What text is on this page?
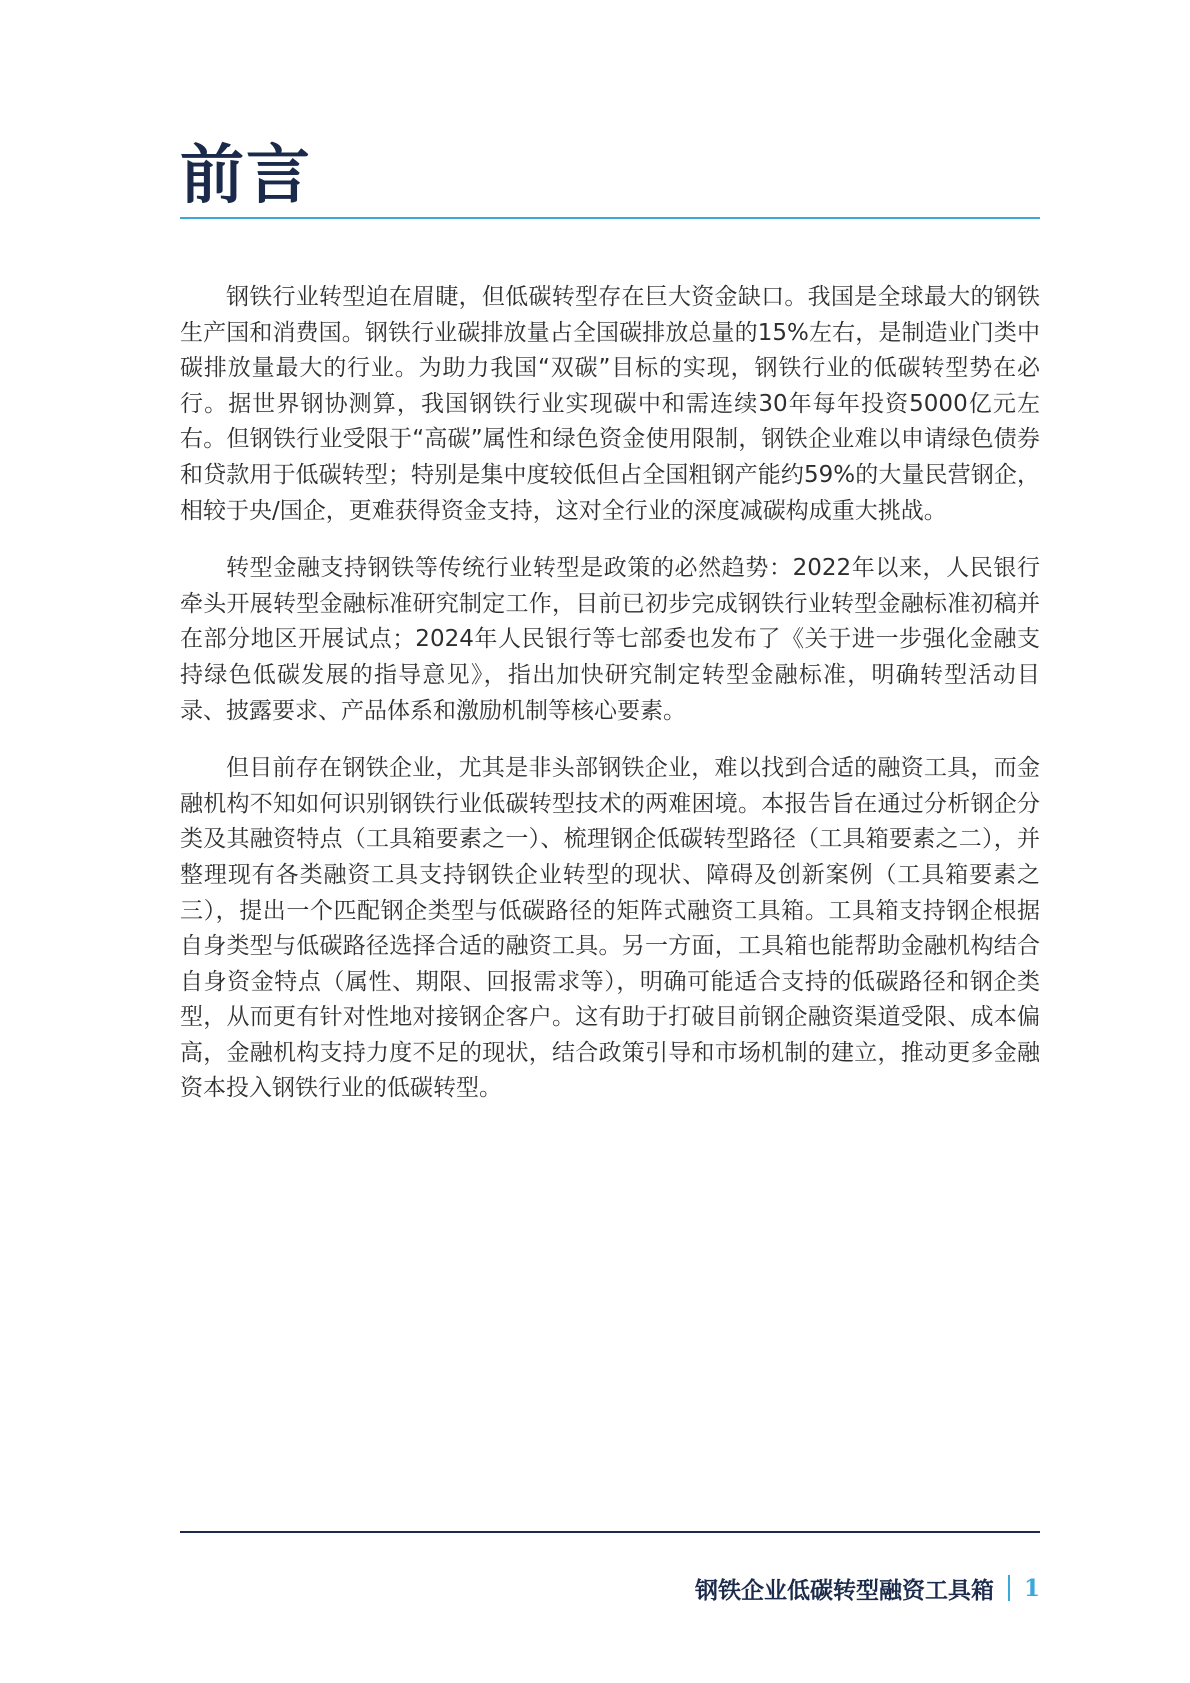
前言

钢铁行业转型迫在眉睫，但低碳转型存在巨大资金缺口。我国是全球最大的钢铁生产国和消费国。钢铁行业碳排放量占全国碳排放总量的15%左右，是制造业门类中碳排放量最大的行业。为助力我国“双碳”目标的实现，钢铁行业的低碳转型势在必行。据世界钢协测算，我国钢铁行业实现碳中和需连续30年每年投资5000亿元左右。但钢铁行业受限于“高碳”属性和绿色资金使用限制，钢铁企业难以申请绿色债券和贷款用于低碳转型；特别是集中度较低但占全国粗钢产能约59%的大量民营钢企，相较于央/国企，更难获得资金支持，这对全行业的深度减碳构成重大挑战。

转型金融支持钢铁等传统行业转型是政策的必然趋势：2022年以来，人民银行牵头开展转型金融标准研究制定工作，目前已初步完成钢铁行业转型金融标准初稿并在部分地区开展试点；2024年人民银行等七部委也发布了《关于进一步强化金融支持绿色低碳发展的指导意见》，指出加快研究制定转型金融标准，明确转型活动目录、披露要求、产品体系和激励机制等核心要素。

但目前存在钢铁企业，尤其是非头部钢铁企业，难以找到合适的融资工具，而金融机构不知如何识别钢铁行业低碳转型技术的两难困境。本报告旨在通过分析钢企分类及其融资特点（工具箱要素之一）、梳理钢企低碳转型路径（工具箱要素之二），并整理现有各类融资工具支持钢铁企业转型的现状、障碍及创新案例（工具箱要素之三），提出一个匹配钢企类型与低碳路径的矩阵式融资工具箱。工具箱支持钢企根据自身类型与低碳路径选择合适的融资工具。另一方面，工具箱也能帮助金融机构结合自身资金特点（属性、期限、回报需求等），明确可能适合支持的低碳路径和钢企类型，从而更有针对性地对接钢企客户。这有助于打破目前钢企融资渠道受限、成本偏高，金融机构支持力度不足的现状，结合政策引导和市场机制的建立，推动更多金融资本投入钢铁行业的低碳转型。

钢铁企业低碳转型融资工具箱 1
